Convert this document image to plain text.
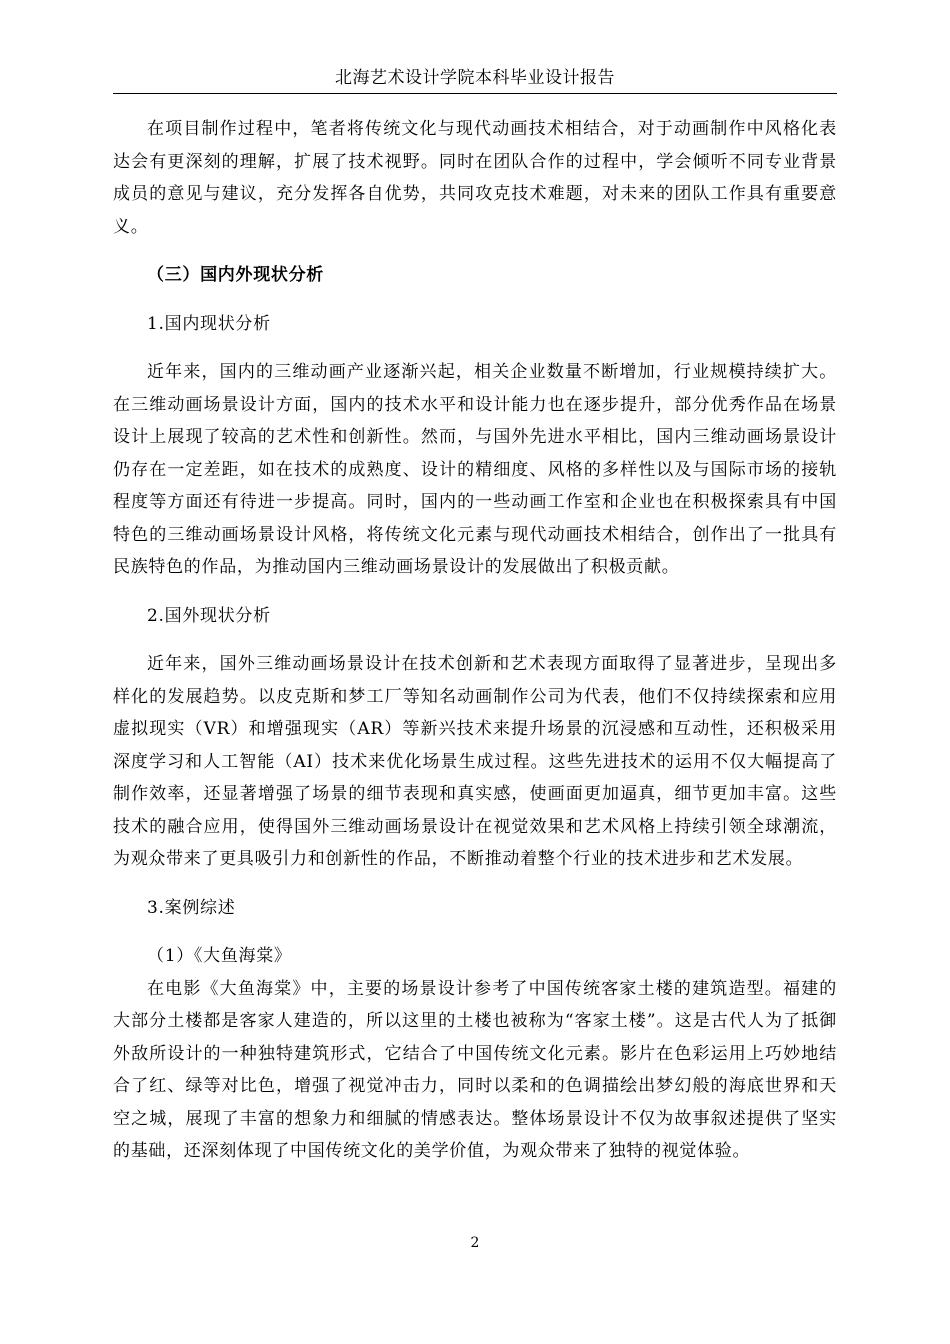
北海艺术设计学院本科毕业设计报告

在项目制作过程中，笔者将传统文化与现代动画技术相结合，对于动画制作中风格化表达会有更深刻的理解，扩展了技术视野。同时在团队合作的过程中，学会倾听不同专业背景成员的意见与建议，充分发挥各自优势，共同攻克技术难题，对未来的团队工作具有重要意义。

（三）国内外现状分析

1.国内现状分析

近年来，国内的三维动画产业逐渐兴起，相关企业数量不断增加，行业规模持续扩大。在三维动画场景设计方面，国内的技术水平和设计能力也在逐步提升，部分优秀作品在场景设计上展现了较高的艺术性和创新性。然而，与国外先进水平相比，国内三维动画场景设计仍存在一定差距，如在技术的成熟度、设计的精细度、风格的多样性以及与国际市场的接轨程度等方面还有待进一步提高。同时，国内的一些动画工作室和企业也在积极探索具有中国特色的三维动画场景设计风格，将传统文化元素与现代动画技术相结合，创作出了一批具有民族特色的作品，为推动国内三维动画场景设计的发展做出了积极贡献。

2.国外现状分析

近年来，国外三维动画场景设计在技术创新和艺术表现方面取得了显著进步，呈现出多样化的发展趋势。以皮克斯和梦工厂等知名动画制作公司为代表，他们不仅持续探索和应用虚拟现实（VR）和增强现实（AR）等新兴技术来提升场景的沉浸感和互动性，还积极采用深度学习和人工智能（AI）技术来优化场景生成过程。这些先进技术的运用不仅大幅提高了制作效率，还显著增强了场景的细节表现和真实感，使画面更加逼真，细节更加丰富。这些技术的融合应用，使得国外三维动画场景设计在视觉效果和艺术风格上持续引领全球潮流，为观众带来了更具吸引力和创新性的作品，不断推动着整个行业的技术进步和艺术发展。

3.案例综述

（1）《大鱼海棠》

在电影《大鱼海棠》中，主要的场景设计参考了中国传统客家土楼的建筑造型。福建的大部分土楼都是客家人建造的，所以这里的土楼也被称为“客家土楼”。这是古代人为了抵御外敌所设计的一种独特建筑形式，它结合了中国传统文化元素。影片在色彩运用上巧妙地结合了红、绿等对比色，增强了视觉冲击力，同时以柔和的色调描绘出梦幻般的海底世界和天空之城，展现了丰富的想象力和细腻的情感表达。整体场景设计不仅为故事叙述提供了坚实的基础，还深刻体现了中国传统文化的美学价值，为观众带来了独特的视觉体验。

2
